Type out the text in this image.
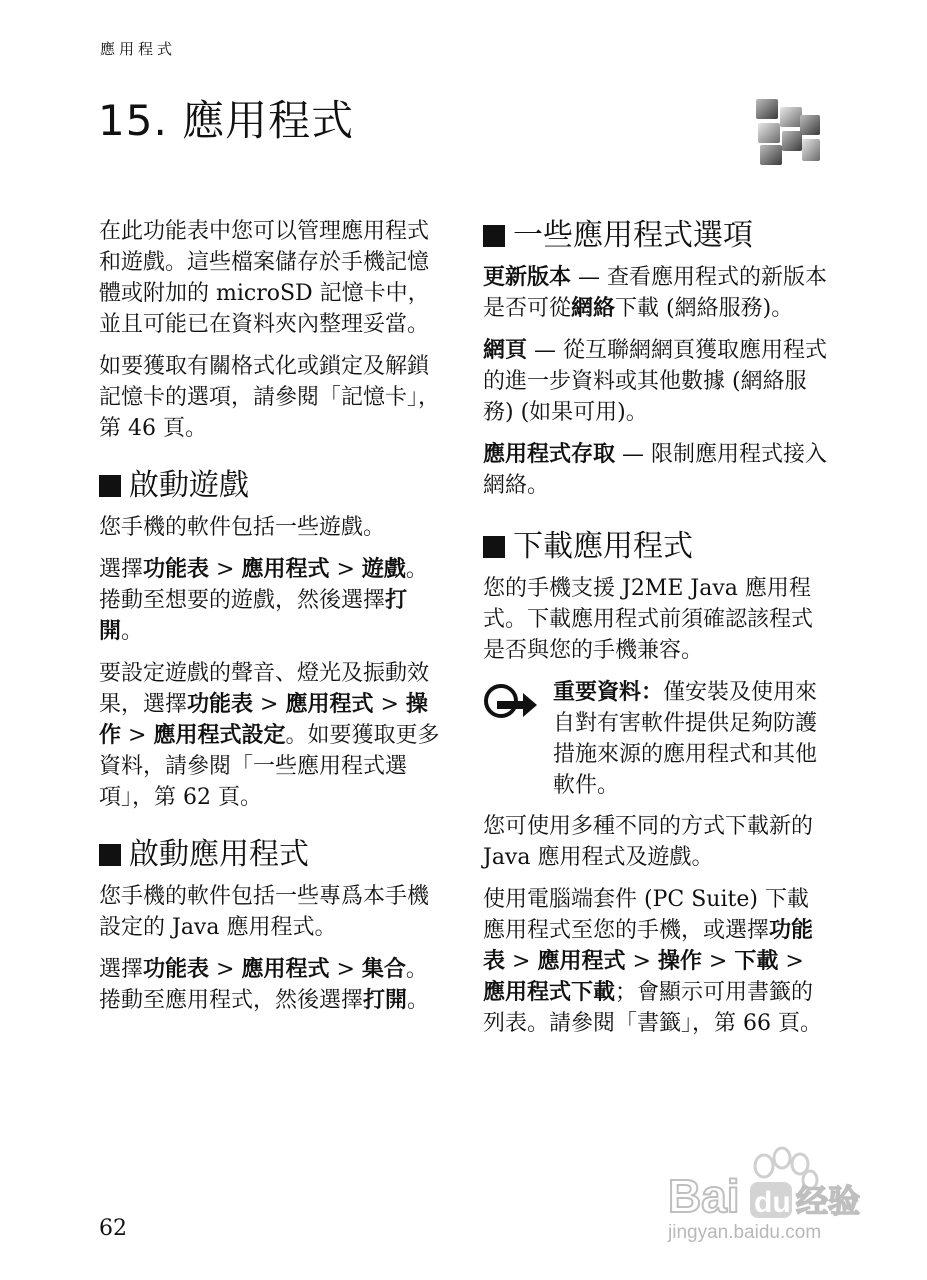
應用程式
15. 應用程式

在此功能表中您可以管理應用程式和遊戲。這些檔案儲存於手機記憶體或附加的 microSD 記憶卡中，並且可能已在資料夾內整理妥當。

如要獲取有關格式化或鎖定及解鎖記憶卡的選項，請參閱「記憶卡」，第 46 頁。

啟動遊戲

您手機的軟件包括一些遊戲。

選擇功能表 > 應用程式 > 遊戲。捲動至想要的遊戲，然後選擇打開。

要設定遊戲的聲音、燈光及振動效果，選擇功能表 > 應用程式 > 操作 > 應用程式設定。如要獲取更多資料，請參閱「一些應用程式選項」，第 62 頁。

啟動應用程式

您手機的軟件包括一些專爲本手機設定的 Java 應用程式。

選擇功能表 > 應用程式 > 集合。捲動至應用程式，然後選擇打開。

一些應用程式選項

更新版本 — 查看應用程式的新版本是否可從網絡下載 (網絡服務)。

網頁 — 從互聯網網頁獲取應用程式的進一步資料或其他數據 (網絡服務) (如果可用)。

應用程式存取 — 限制應用程式接入網絡。

下載應用程式

您的手機支援 J2ME Java 應用程式。下載應用程式前須確認該程式是否與您的手機兼容。

重要資料：僅安裝及使用來自對有害軟件提供足夠防護措施來源的應用程式和其他軟件。

您可使用多種不同的方式下載新的 Java 應用程式及遊戲。

使用電腦端套件 (PC Suite) 下載應用程式至您的手機，或選擇功能表 > 應用程式 > 操作 > 下載 > 應用程式下載；會顯示可用書籤的列表。請參閱「書籤」，第 66 頁。

Bai du 经验
jingyan.baidu.com
62
